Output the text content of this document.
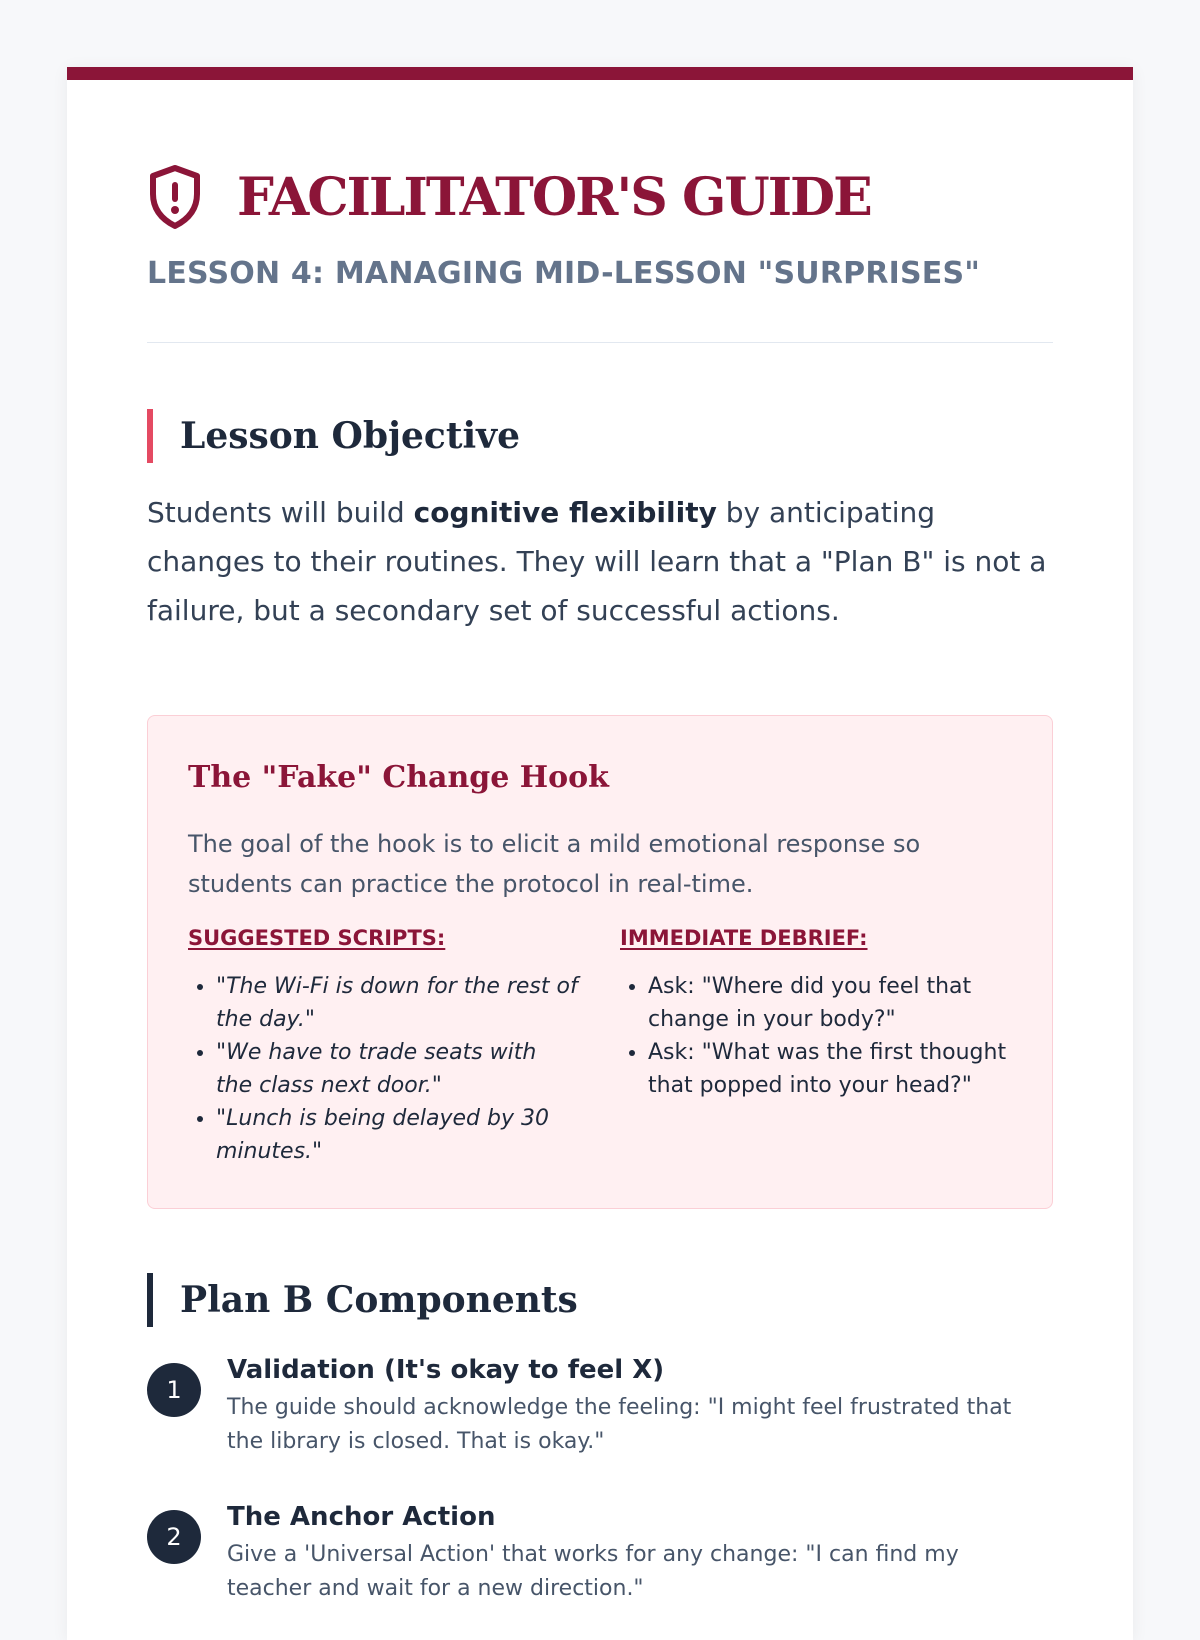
FACILITATOR'S GUIDE
LESSON 4: MANAGING MID-LESSON "SURPRISES"
Lesson Objective

Students will build cognitive flexibility by anticipating changes to their routines. They will learn that a "Plan B" is not a failure, but a secondary set of successful actions.

The "Fake" Change Hook
The goal of the hook is to elicit a mild emotional response so students can practice the protocol in real-time.
SUGGESTED SCRIPTS:
• "The Wi-Fi is down for the rest of the day."
• "We have to trade seats with the class next door."
• "Lunch is being delayed by 30 minutes."
IMMEDIATE DEBRIEF:
• Ask: "Where did you feel that change in your body?"
• Ask: "What was the first thought that popped into your head?"
Plan B Components
1
Validation (It's okay to feel X)
The guide should acknowledge the feeling: "I might feel frustrated that the library is closed. That is okay."
2
The Anchor Action
Give a 'Universal Action' that works for any change: "I can find my teacher and wait for a new direction."
